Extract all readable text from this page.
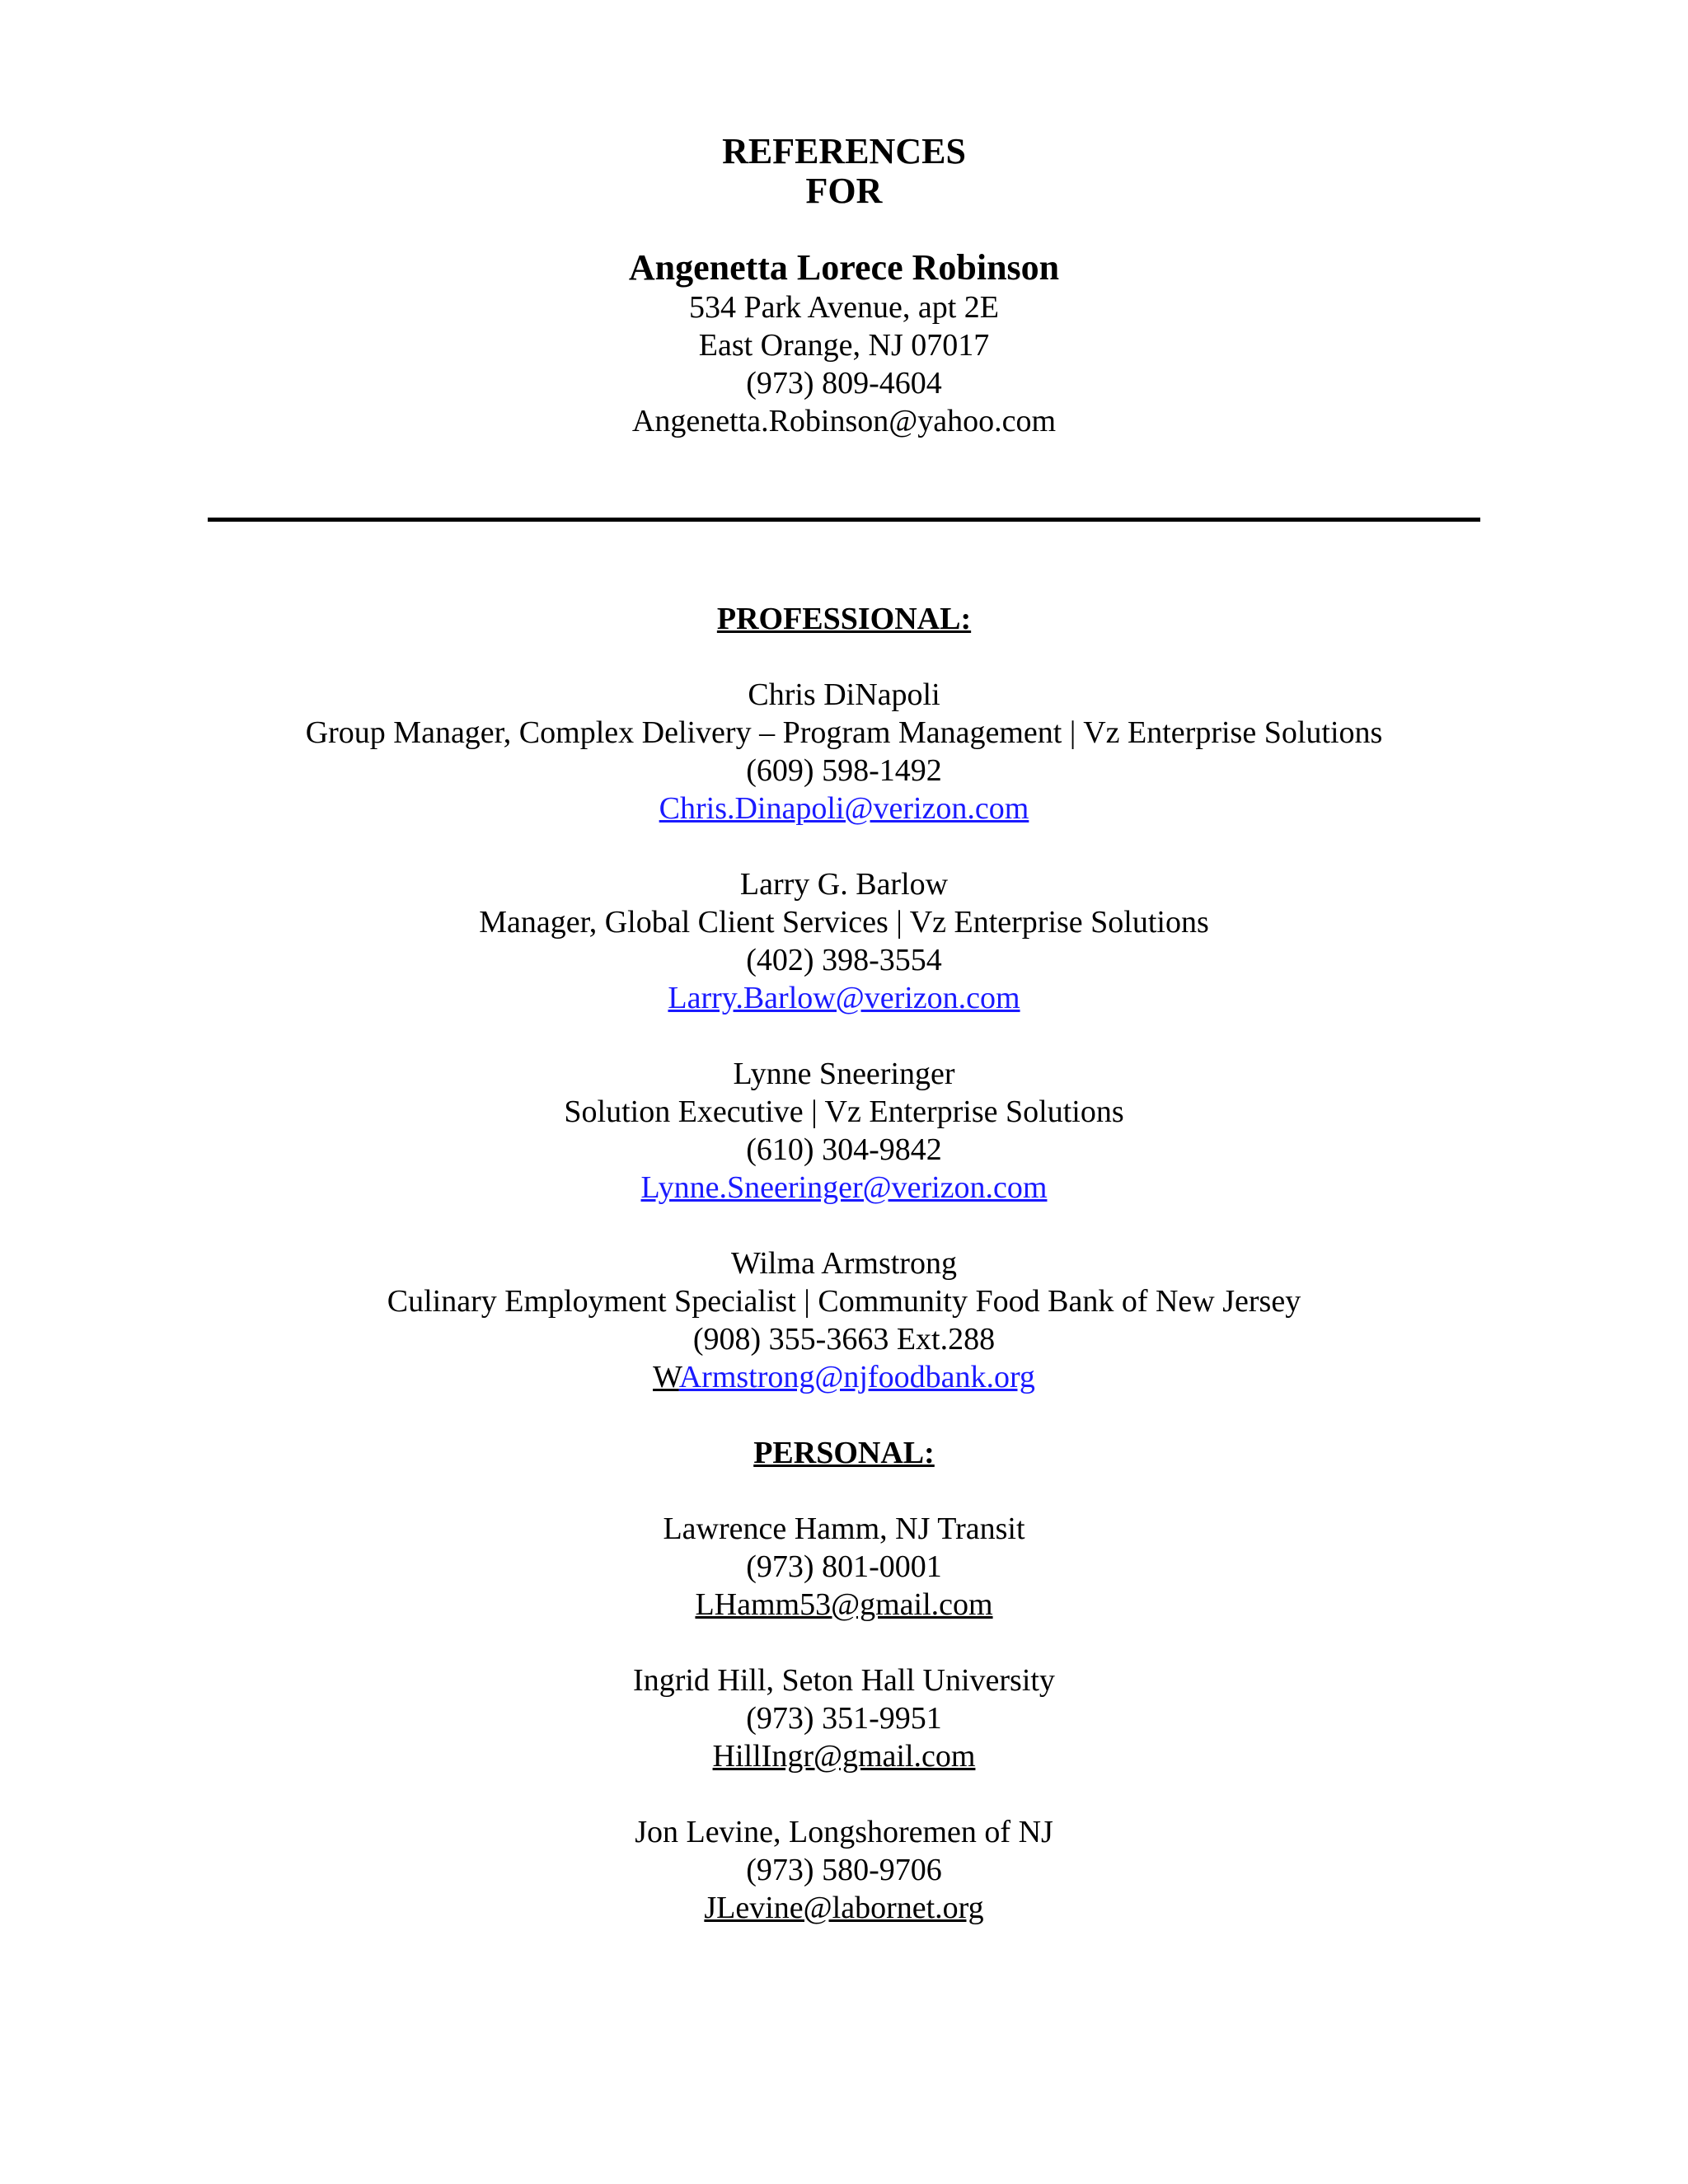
REFERENCES

FOR

Angenetta Lorece Robinson

534 Park Avenue, apt 2E

East Orange, NJ 07017

(973) 809-4604

Angenetta.Robinson@yahoo.com

PROFESSIONAL:

Chris DiNapoli

Group Manager, Complex Delivery – Program Management | Vz Enterprise Solutions

(609) 598-1492

Chris.Dinapoli@verizon.com

Larry G. Barlow

Manager, Global Client Services | Vz Enterprise Solutions

(402) 398-3554

Larry.Barlow@verizon.com

Lynne Sneeringer

Solution Executive | Vz Enterprise Solutions

(610) 304-9842

Lynne.Sneeringer@verizon.com

Wilma Armstrong

Culinary Employment Specialist | Community Food Bank of New Jersey

(908) 355-3663 Ext.288

WArmstrong@njfoodbank.org

PERSONAL:

Lawrence Hamm, NJ Transit

(973) 801-0001

LHamm53@gmail.com

Ingrid Hill, Seton Hall University

(973) 351-9951

HillIngr@gmail.com

Jon Levine, Longshoremen of NJ

(973) 580-9706

JLevine@labornet.org
